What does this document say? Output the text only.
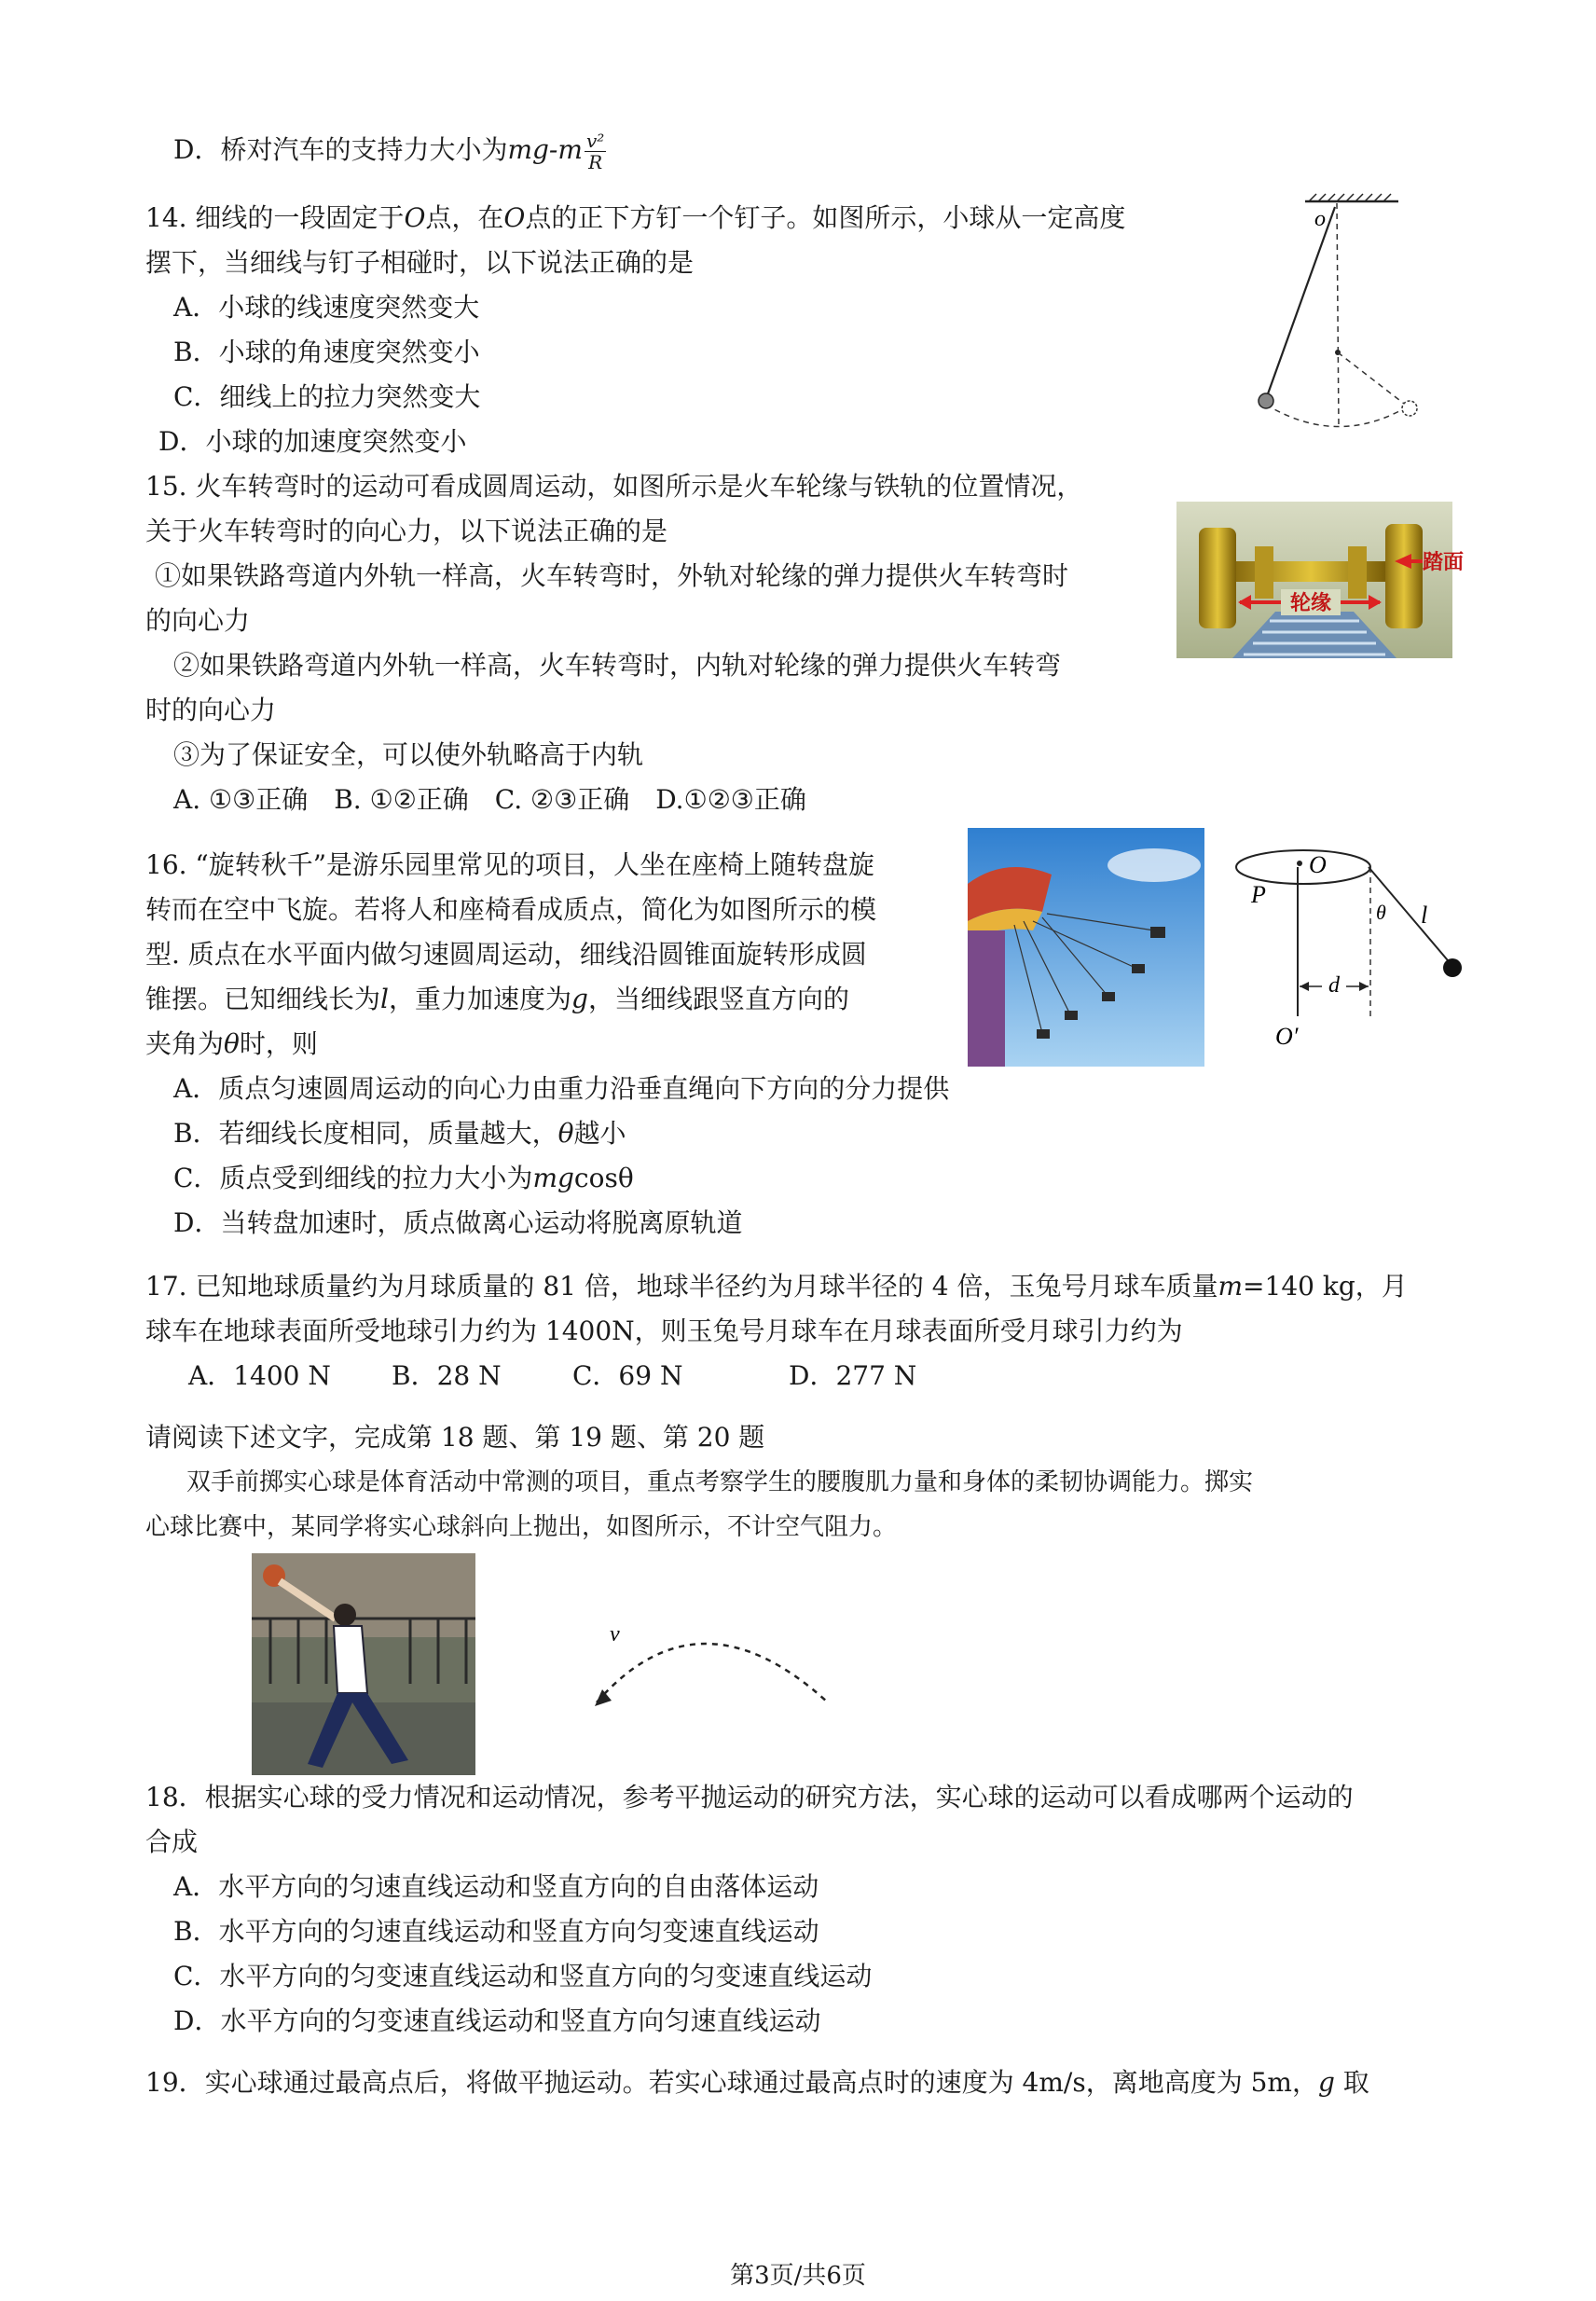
D．桥对汽车的支持力大小为$mg-m \frac{\text{v²}}{R}$
14. 细线的一段固定于O点，在O点的正下方钉一个钉子。如图所示，小球从一定高度
摆下，当细线与钉子相碰时，以下说法正确的是
A．小球的线速度突然变大
B．小球的角速度突然变小
C．细线上的拉力突然变大
D．小球的加速度突然变小
o
15. 火车转弯时的运动可看成圆周运动，如图所示是火车轮缘与铁轨的位置情况，
关于火车转弯时的向心力，以下说法正确的是
①如果铁路弯道内外轨一样高，火车转弯时，外轨对轮缘的弹力提供火车转弯时
的向心力
②如果铁路弯道内外轨一样高，火车转弯时，内轨对轮缘的弹力提供火车转弯
时的向心力
③为了保证安全，可以使外轨略高于内轨
A. ①③正确　B. ①②正确　C. ②③正确　D.①②③正确
轮缘
踏面
16. “旋转秋千”是游乐园里常见的项目，人坐在座椅上随转盘旋
转而在空中飞旋。若将人和座椅看成质点，简化为如图所示的模
型. 质点在水平面内做匀速圆周运动，细线沿圆锥面旋转形成圆
锥摆。已知细线长为l，重力加速度为g，当细线跟竖直方向的
夹角为θ时，则
A．质点匀速圆周运动的向心力由重力沿垂直绳向下方向的分力提供
B．若细线长度相同，质量越大，θ越小
C．质点受到细线的拉力大小为mgcosθ
D．当转盘加速时，质点做离心运动将脱离原轨道
O
P
θ l
d
O′
17. 已知地球质量约为月球质量的 81 倍，地球半径约为月球半径的 4 倍，玉兔号月球车质量m=140 kg，月
球车在地球表面所受地球引力约为 1400N，则玉兔号月球车在月球表面所受月球引力约为
A．1400 N B．28 N	C．69 N	D．277 N
请阅读下述文字，完成第 18 题、第 19 题、第 20 题
双手前掷实心球是体育活动中常测的项目，重点考察学生的腰腹肌力量和身体的柔韧协调能力。掷实
心球比赛中，某同学将实心球斜向上抛出，如图所示，不计空气阻力。
v
18．根据实心球的受力情况和运动情况，参考平抛运动的研究方法，实心球的运动可以看成哪两个运动的
合成
A．水平方向的匀速直线运动和竖直方向的自由落体运动
B．水平方向的匀速直线运动和竖直方向匀变速直线运动
C．水平方向的匀变速直线运动和竖直方向的匀变速直线运动
D．水平方向的匀变速直线运动和竖直方向匀速直线运动
19．实心球通过最高点后，将做平抛运动。若实心球通过最高点时的速度为 4m/s，离地高度为 5m，g 取
第3页/共6页
